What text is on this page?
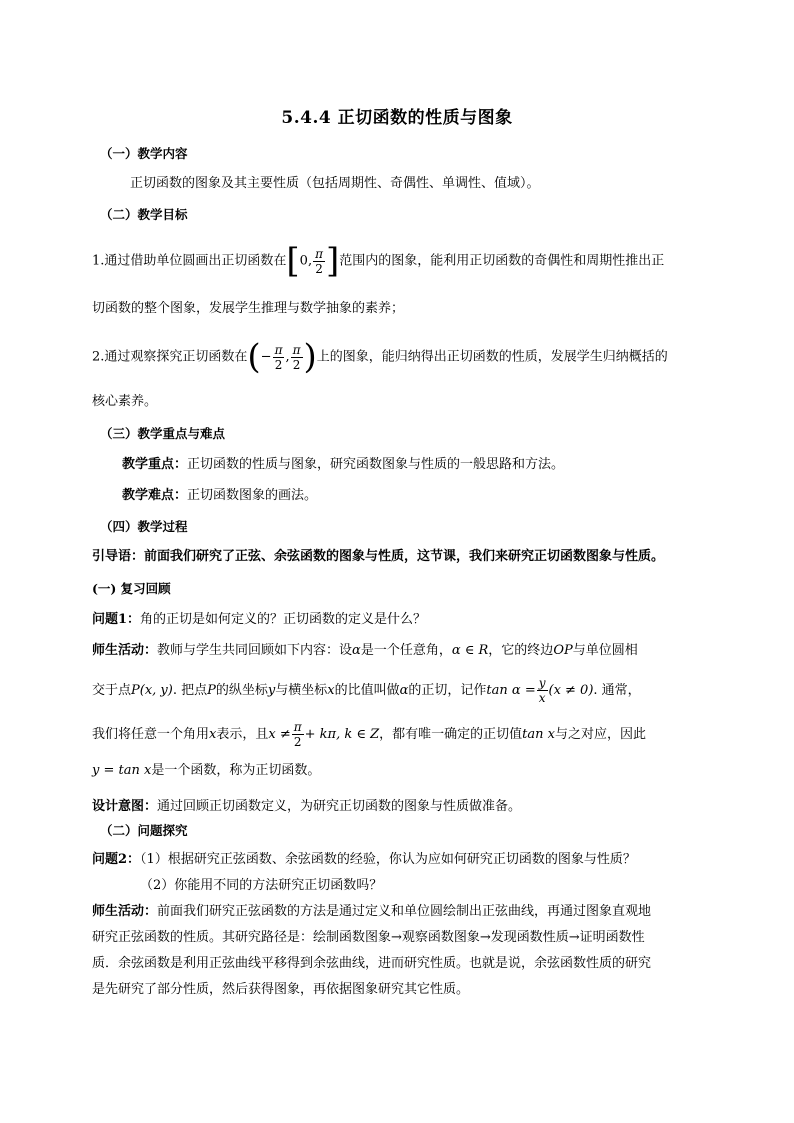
5.4.4 正切函数的性质与图象
（一）教学内容
正切函数的图象及其主要性质（包括周期性、奇偶性、单调性、值域）。
（二）教学目标
1.通过借助单位圆画出正切函数在[0, $\frac{\pi}{2}$ ]范围内的图象，能利用正切函数的奇偶性和周期性推出正
切函数的整个图象，发展学生推理与数学抽象的素养；
2.通过观察探究正切函数在(− $\frac{\pi}{2}$ , $\frac{\pi}{2}$ )上的图象，能归纳得出正切函数的性质，发展学生归纳概括的
核心素养。
（三）教学重点与难点
教学重点：正切函数的性质与图象，研究函数图象与性质的一般思路和方法。
教学难点：正切函数图象的画法。
（四）教学过程
引导语：前面我们研究了正弦、余弦函数的图象与性质，这节课，我们来研究正切函数图象与性质。
(一) 复习回顾
问题1：角的正切是如何定义的？正切函数的定义是什么？
师生活动：教师与学生共同回顾如下内容：设α是一个任意角，α ∈ R，它的终边OP与单位圆相
交于点P(x, y). 把点P的纵坐标y与横坐标x的比值叫做α的正切，记作$\tan \alpha = \frac{y}{x} (x \ne 0)$. 通常，
我们将任意一个角用x表示，且$x \ne \frac{\pi}{2} + k\pi$, k ∈ Z，都有唯一确定的正切值tan x与之对应，因此
y = tan x是一个函数，称为正切函数。
设计意图：通过回顾正切函数定义，为研究正切函数的图象与性质做准备。
（二）问题探究
问题2：（1）根据研究正弦函数、余弦函数的经验，你认为应如何研究正切函数的图象与性质？
（2）你能用不同的方法研究正切函数吗？
师生活动：前面我们研究正弦函数的方法是通过定义和单位圆绘制出正弦曲线，再通过图象直观地
研究正弦函数的性质。其研究路径是：绘制函数图象→观察函数图象→发现函数性质→证明函数性
质．余弦函数是利用正弦曲线平移得到余弦曲线，进而研究性质。也就是说，余弦函数性质的研究
是先研究了部分性质，然后获得图象，再依据图象研究其它性质。
